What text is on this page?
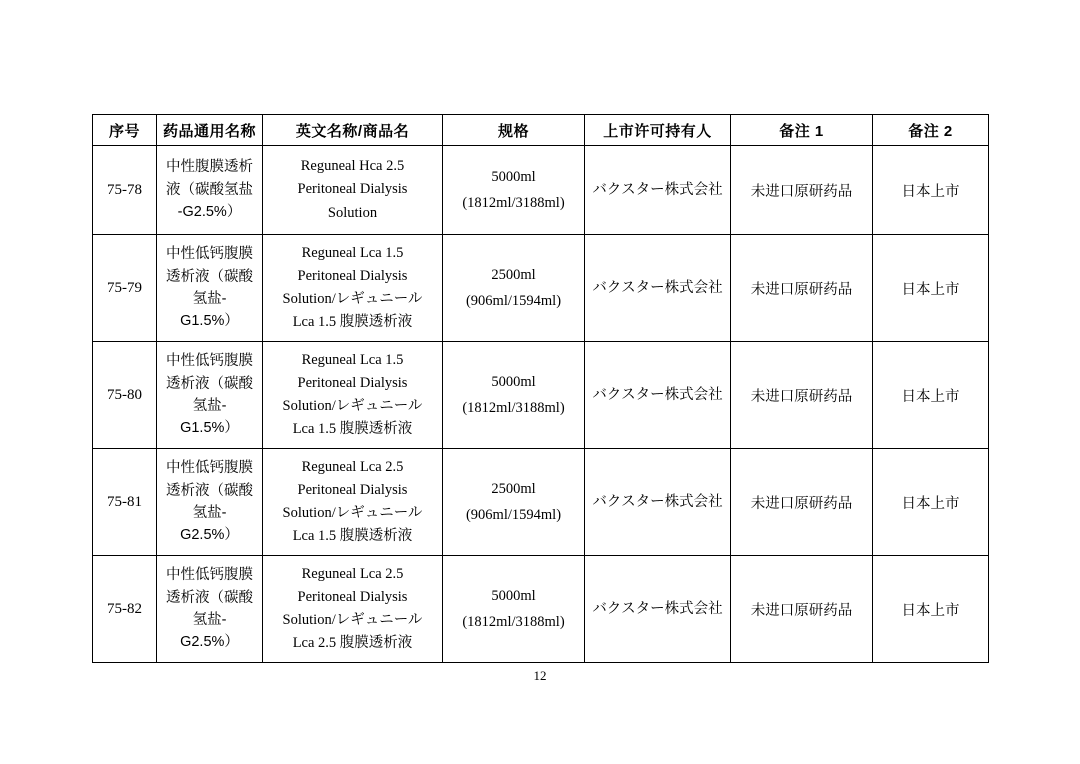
序号	药品通用名称	英文名称/商品名	规格	上市许可持有人	备注 1	备注 2
75-78	中性腹膜透析
液（碳酸氢盐
-G2.5%）	Reguneal Hca 2.5
Peritoneal Dialysis
Solution	5000ml
(1812ml/3188ml)	バクスター株式会社	未进口原研药品	日本上市
75-79	中性低钙腹膜
透析液（碳酸
氢盐-
G1.5%）	Reguneal Lca 1.5
Peritoneal Dialysis
Solution/レギュニール
Lca 1.5 腹膜透析液	2500ml
(906ml/1594ml)	バクスター株式会社	未进口原研药品	日本上市
75-80	中性低钙腹膜
透析液（碳酸
氢盐-
G1.5%）	Reguneal Lca 1.5
Peritoneal Dialysis
Solution/レギュニール
Lca 1.5 腹膜透析液	5000ml
(1812ml/3188ml)	バクスター株式会社	未进口原研药品	日本上市
75-81	中性低钙腹膜
透析液（碳酸
氢盐-
G2.5%）	Reguneal Lca 2.5
Peritoneal Dialysis
Solution/レギュニール
Lca 1.5 腹膜透析液	2500ml
(906ml/1594ml)	バクスター株式会社	未进口原研药品	日本上市
75-82	中性低钙腹膜
透析液（碳酸
氢盐-
G2.5%）	Reguneal Lca 2.5
Peritoneal Dialysis
Solution/レギュニール
Lca 2.5 腹膜透析液	5000ml
(1812ml/3188ml)	バクスター株式会社	未进口原研药品	日本上市
12
